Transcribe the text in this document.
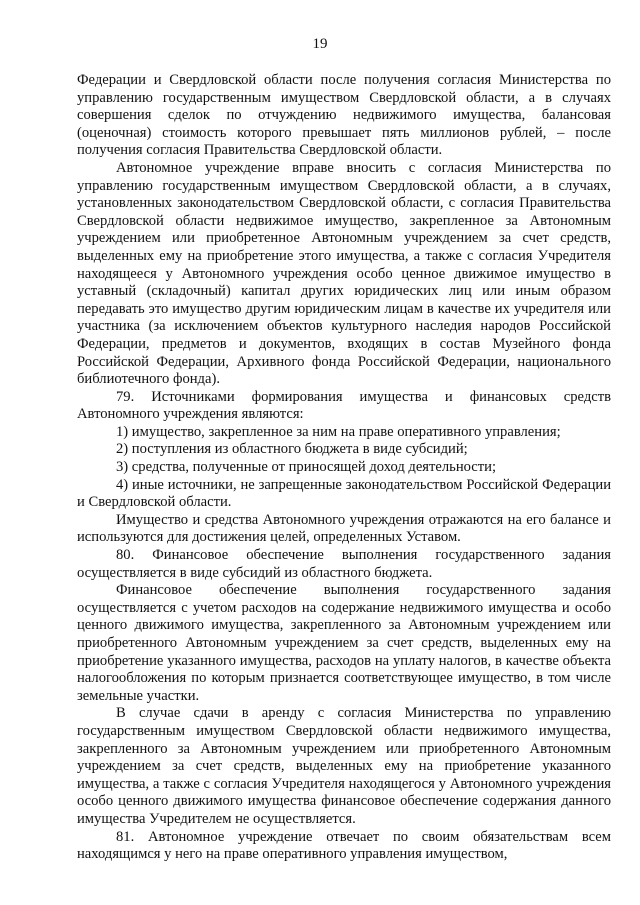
19

Федерации и Свердловской области после получения согласия Министерства по управлению государственным имуществом Свердловской области, а в случаях совершения сделок по отчуждению недвижимого имущества, балансовая (оценочная) стоимость которого превышает пять миллионов рублей, – после получения согласия Правительства Свердловской области.

Автономное учреждение вправе вносить с согласия Министерства по управлению государственным имуществом Свердловской области, а в случаях, установленных законодательством Свердловской области, с согласия Правительства Свердловской области недвижимое имущество, закрепленное за Автономным учреждением или приобретенное Автономным учреждением за счет средств, выделенных ему на приобретение этого имущества, а также с согласия Учредителя находящееся у Автономного учреждения особо ценное движимое имущество в уставный (складочный) капитал других юридических лиц или иным образом передавать это имущество другим юридическим лицам в качестве их учредителя или участника (за исключением объектов культурного наследия народов Российской Федерации, предметов и документов, входящих в состав Музейного фонда Российской Федерации, Архивного фонда Российской Федерации, национального библиотечного фонда).

79. Источниками формирования имущества и финансовых средств Автономного учреждения являются:

1) имущество, закрепленное за ним на праве оперативного управления;

2) поступления из областного бюджета в виде субсидий;

3) средства, полученные от приносящей доход деятельности;

4) иные источники, не запрещенные законодательством Российской Федерации и Свердловской области.

Имущество и средства Автономного учреждения отражаются на его балансе и используются для достижения целей, определенных Уставом.

80. Финансовое обеспечение выполнения государственного задания осуществляется в виде субсидий из областного бюджета.

Финансовое обеспечение выполнения государственного задания осуществляется с учетом расходов на содержание недвижимого имущества и особо ценного движимого имущества, закрепленного за Автономным учреждением или приобретенного Автономным учреждением за счет средств, выделенных ему на приобретение указанного имущества, расходов на уплату налогов, в качестве объекта налогообложения по которым признается соответствующее имущество, в том числе земельные участки.

В случае сдачи в аренду с согласия Министерства по управлению государственным имуществом Свердловской области недвижимого имущества, закрепленного за Автономным учреждением или приобретенного Автономным учреждением за счет средств, выделенных ему на приобретение указанного имущества, а также с согласия Учредителя находящегося у Автономного учреждения особо ценного движимого имущества финансовое обеспечение содержания данного имущества Учредителем не осуществляется.

81. Автономное учреждение отвечает по своим обязательствам всем находящимся у него на праве оперативного управления имуществом,
